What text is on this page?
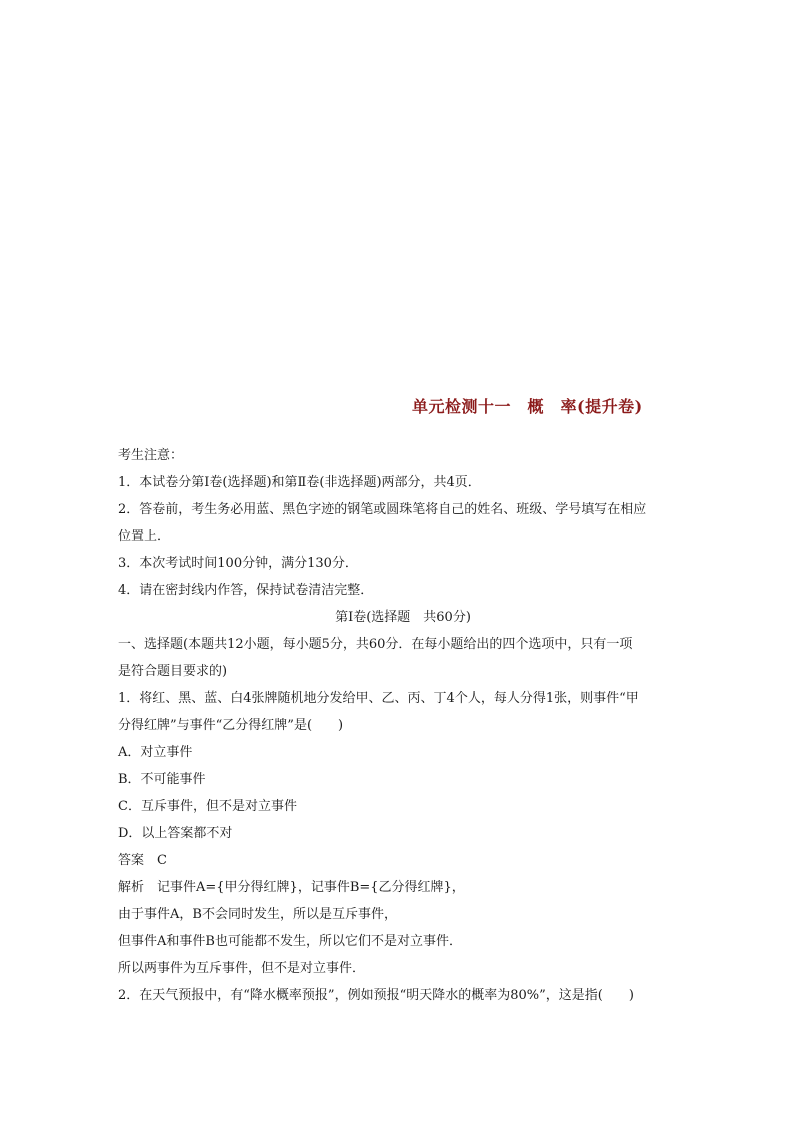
单元检测十一　概　率(提升卷)
考生注意：
1．本试卷分第Ⅰ卷(选择题)和第Ⅱ卷(非选择题)两部分，共4页．
2．答卷前，考生务必用蓝、黑色字迹的钢笔或圆珠笔将自己的姓名、班级、学号填写在相应
位置上．
3．本次考试时间100分钟，满分130分．
4．请在密封线内作答，保持试卷清洁完整．
第Ⅰ卷(选择题　共60分)
一、选择题(本题共12小题，每小题5分，共60分．在每小题给出的四个选项中，只有一项
是符合题目要求的)
1．将红、黑、蓝、白4张牌随机地分发给甲、乙、丙、丁4个人，每人分得1张，则事件“甲
分得红牌”与事件“乙分得红牌”是(　　)
A．对立事件
B．不可能事件
C．互斥事件，但不是对立事件
D．以上答案都不对
答案　C
解析　记事件A={甲分得红牌}，记事件B={乙分得红牌}，
由于事件A，B不会同时发生，所以是互斥事件，
但事件A和事件B也可能都不发生，所以它们不是对立事件．
所以两事件为互斥事件，但不是对立事件．
2．在天气预报中，有“降水概率预报”，例如预报“明天降水的概率为80%”，这是指(　　)
